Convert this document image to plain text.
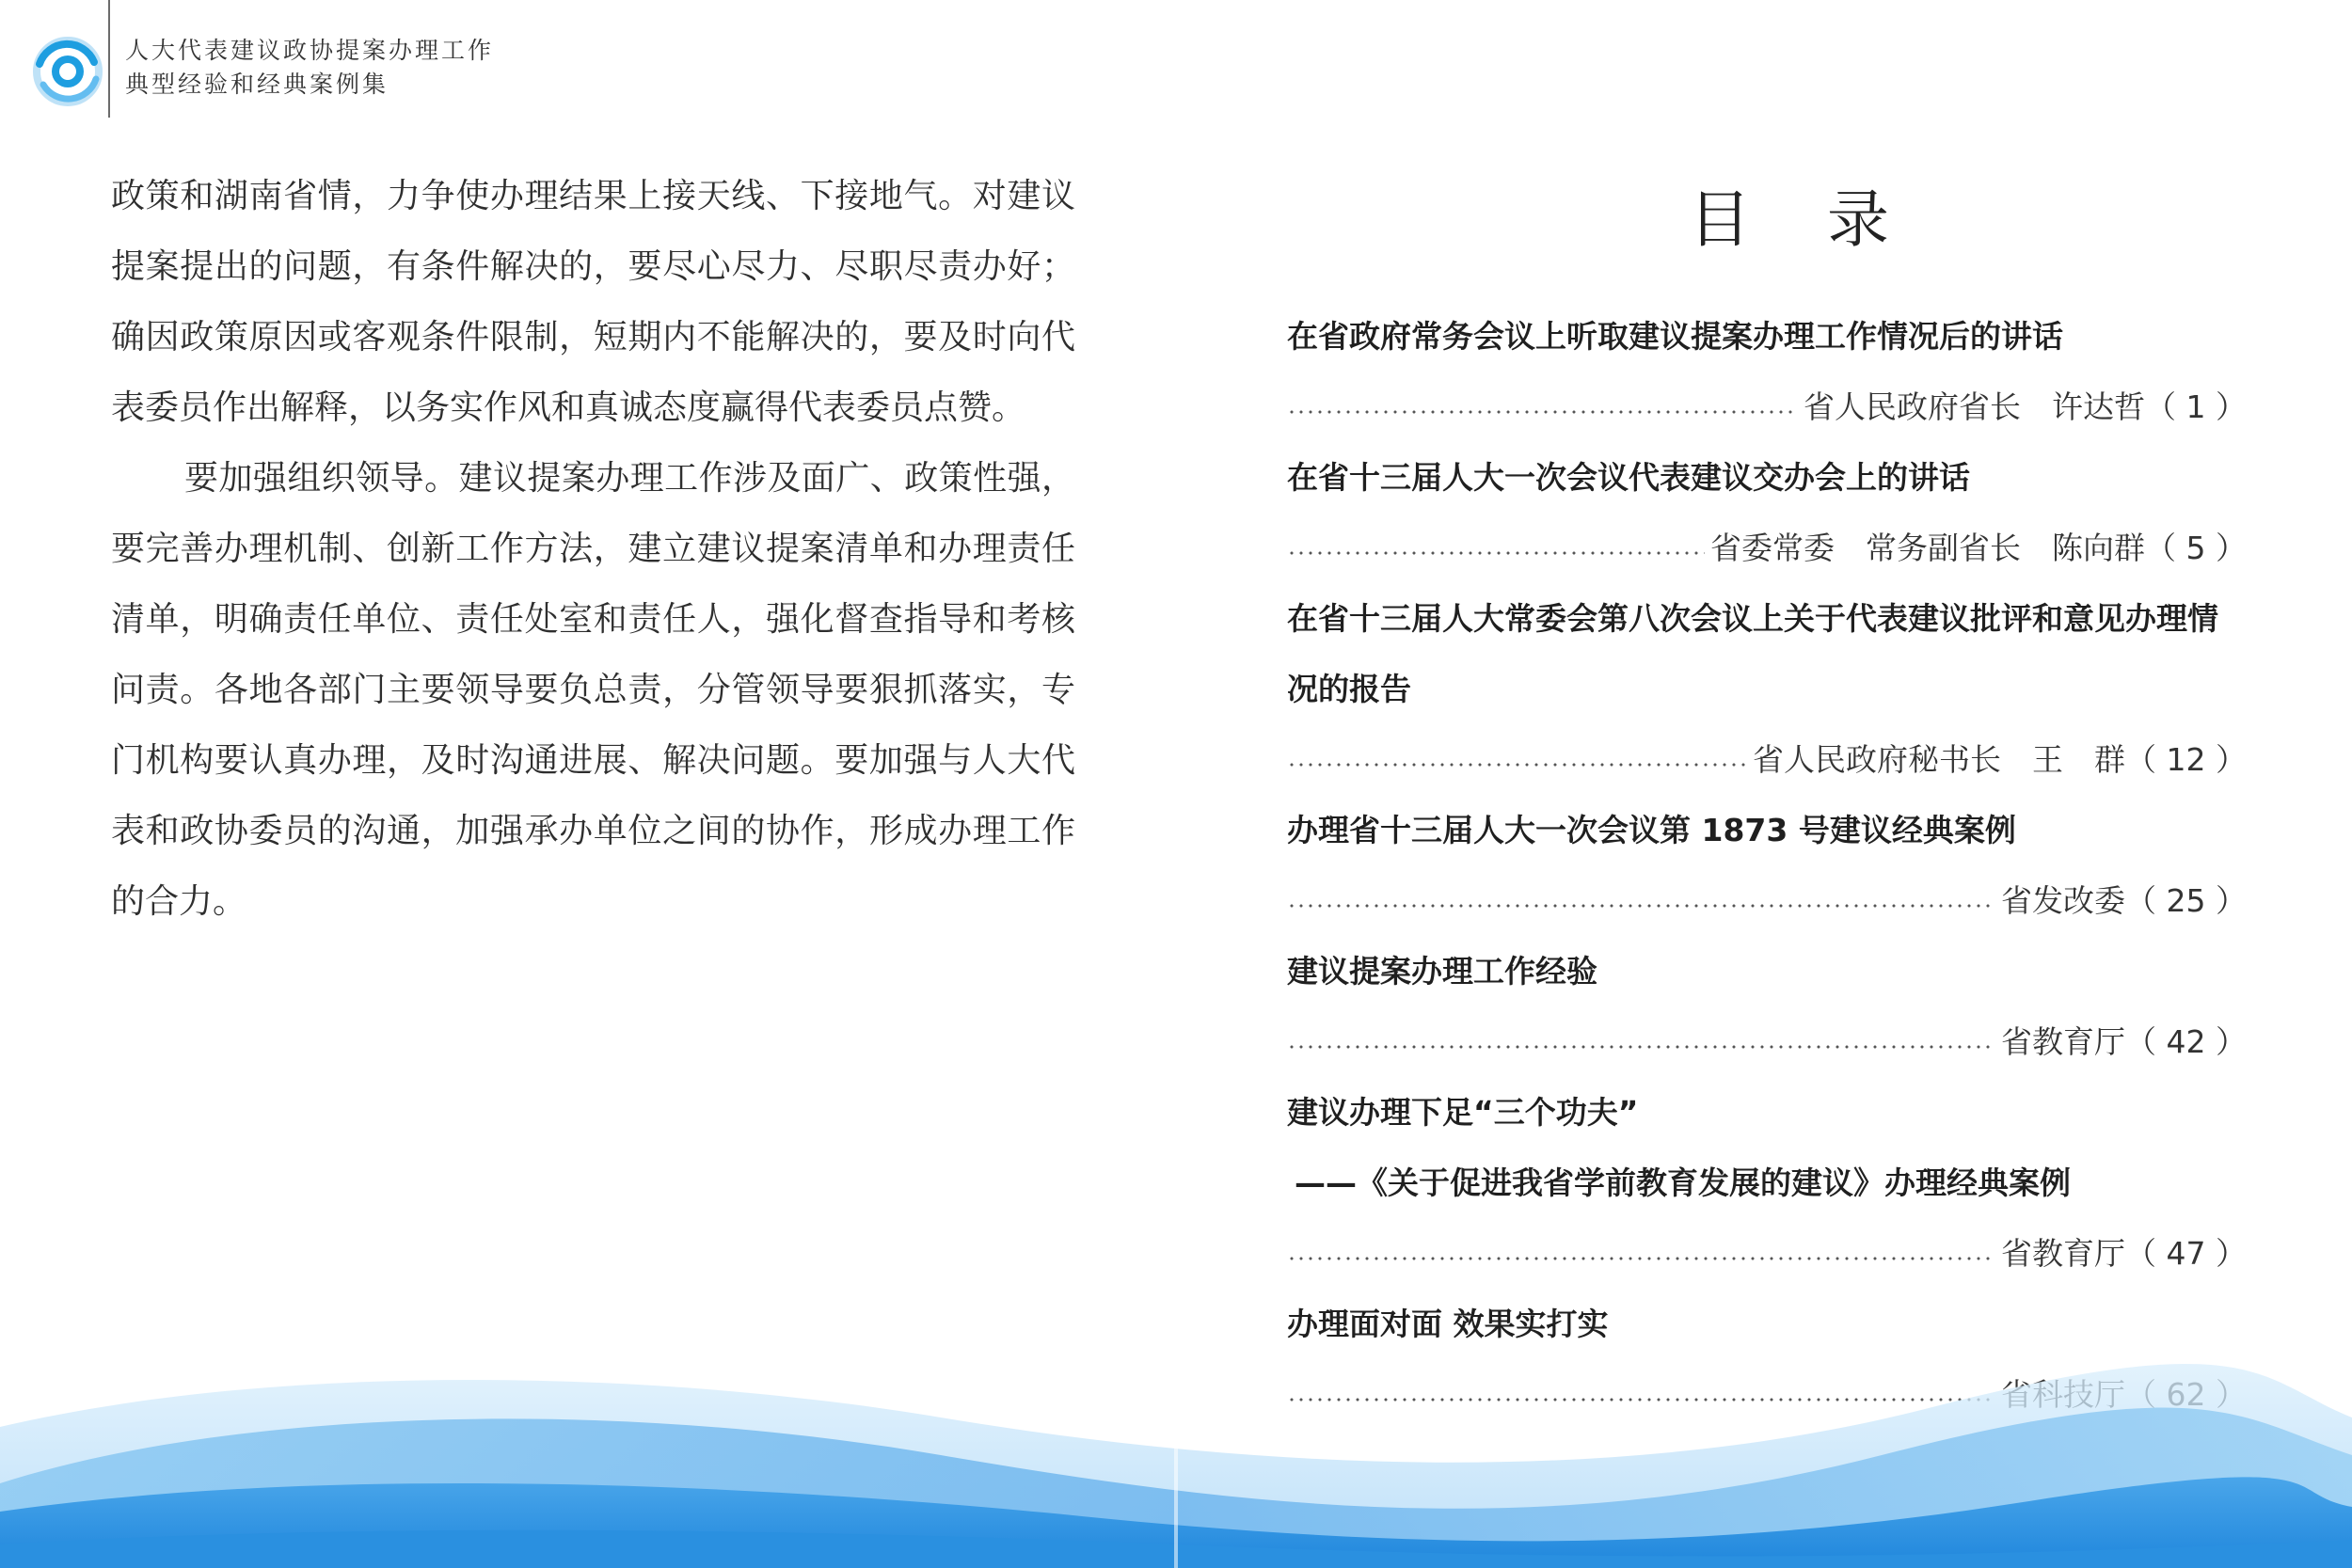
人大代表建议政协提案办理工作
典型经验和经典案例集

政策和湖南省情，力争使办理结果上接天线、下接地气。对建议提案提出的问题，有条件解决的，要尽心尽力、尽职尽责办好；确因政策原因或客观条件限制，短期内不能解决的，要及时向代表委员作出解释，以务实作风和真诚态度赢得代表委员点赞。

要加强组织领导。建议提案办理工作涉及面广、政策性强，要完善办理机制、创新工作方法，建立建议提案清单和办理责任清单，明确责任单位、责任处室和责任人，强化督查指导和考核问责。各地各部门主要领导要负总责，分管领导要狠抓落实，专门机构要认真办理，及时沟通进展、解决问题。要加强与人大代表和政协委员的沟通，加强承办单位之间的协作，形成办理工作的合力。

目 录
在省政府常务会议上听取建议提案办理工作情况后的讲话
省人民政府省长　许达哲（ 1 ）
在省十三届人大一次会议代表建议交办会上的讲话
省委常委　常务副省长　陈向群（ 5 ）
在省十三届人大常委会第八次会议上关于代表建议批评和意见办理情
况的报告
省人民政府秘书长　王　群（ 12 ）
办理省十三届人大一次会议第 1873 号建议经典案例
省发改委（ 25 ）
建议提案办理工作经验
省教育厅（ 42 ）
建议办理下足“三个功夫”
——《关于促进我省学前教育发展的建议》办理经典案例
省教育厅（ 47 ）
办理面对面 效果实打实
